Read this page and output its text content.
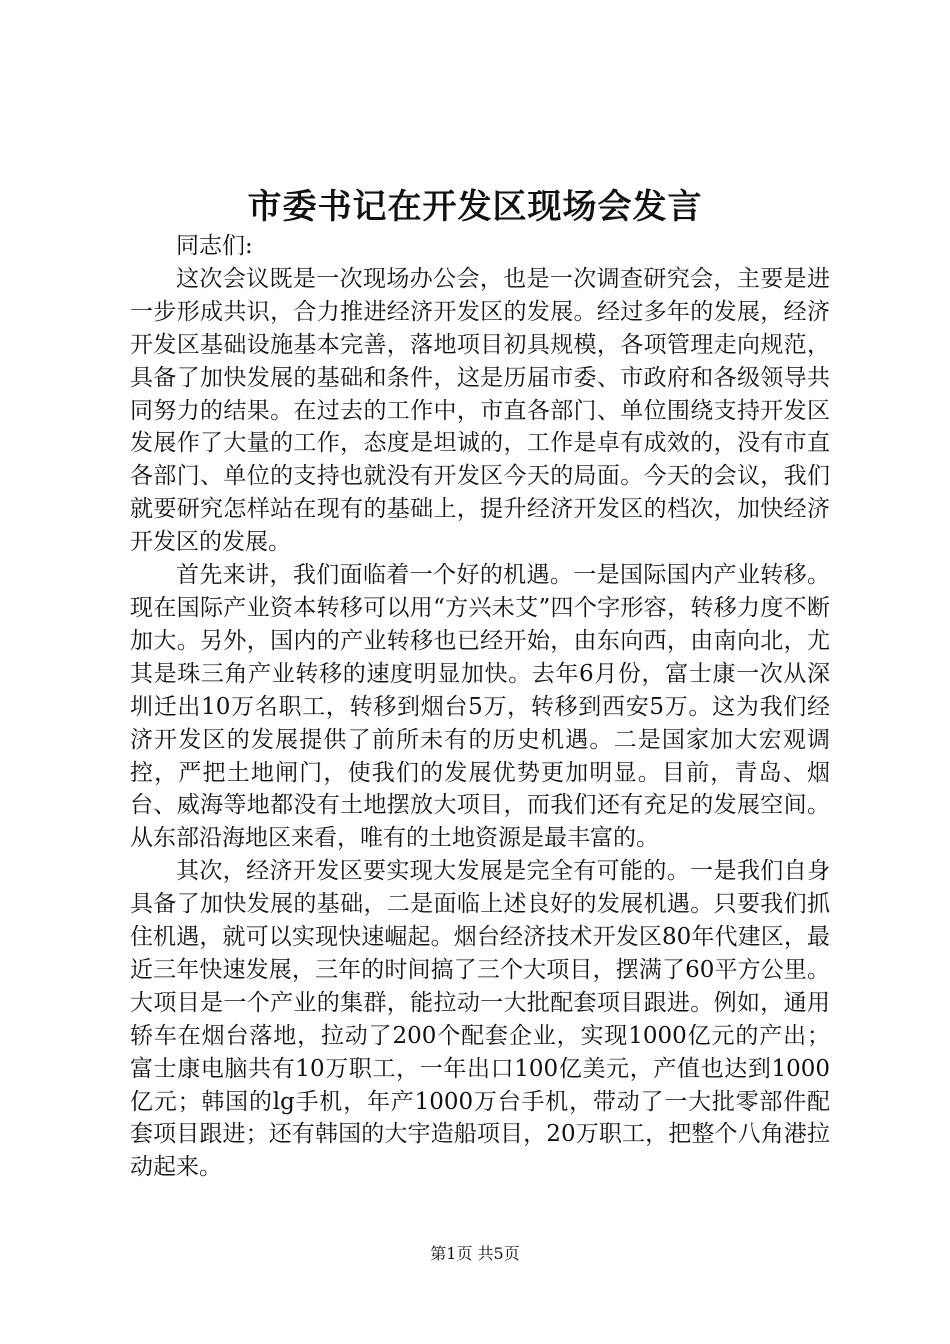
市委书记在开发区现场会发言

同志们:

这次会议既是一次现场办公会，也是一次调查研究会，主要是进一步形成共识，合力推进经济开发区的发展。经过多年的发展，经济开发区基础设施基本完善，落地项目初具规模，各项管理走向规范，具备了加快发展的基础和条件，这是历届市委、市政府和各级领导共同努力的结果。在过去的工作中，市直各部门、单位围绕支持开发区发展作了大量的工作，态度是坦诚的，工作是卓有成效的，没有市直各部门、单位的支持也就没有开发区今天的局面。今天的会议，我们就要研究怎样站在现有的基础上，提升经济开发区的档次，加快经济开发区的发展。

首先来讲，我们面临着一个好的机遇。一是国际国内产业转移。现在国际产业资本转移可以用“方兴未艾”四个字形容，转移力度不断加大。另外，国内的产业转移也已经开始，由东向西，由南向北，尤其是珠三角产业转移的速度明显加快。去年6月份，富士康一次从深圳迁出10万名职工，转移到烟台5万，转移到西安5万。这为我们经济开发区的发展提供了前所未有的历史机遇。二是国家加大宏观调控，严把土地闸门，使我们的发展优势更加明显。目前，青岛、烟台、威海等地都没有土地摆放大项目，而我们还有充足的发展空间。从东部沿海地区来看，唯有的土地资源是最丰富的。

其次，经济开发区要实现大发展是完全有可能的。一是我们自身具备了加快发展的基础，二是面临上述良好的发展机遇。只要我们抓住机遇，就可以实现快速崛起。烟台经济技术开发区80年代建区，最近三年快速发展，三年的时间搞了三个大项目，摆满了60平方公里。大项目是一个产业的集群，能拉动一大批配套项目跟进。例如，通用轿车在烟台落地，拉动了200个配套企业，实现1000亿元的产出；富士康电脑共有10万职工，一年出口100亿美元，产值也达到1000亿元；韩国的lg手机，年产1000万台手机，带动了一大批零部件配套项目跟进；还有韩国的大宇造船项目，20万职工，把整个八角港拉动起来。

第1页 共5页
